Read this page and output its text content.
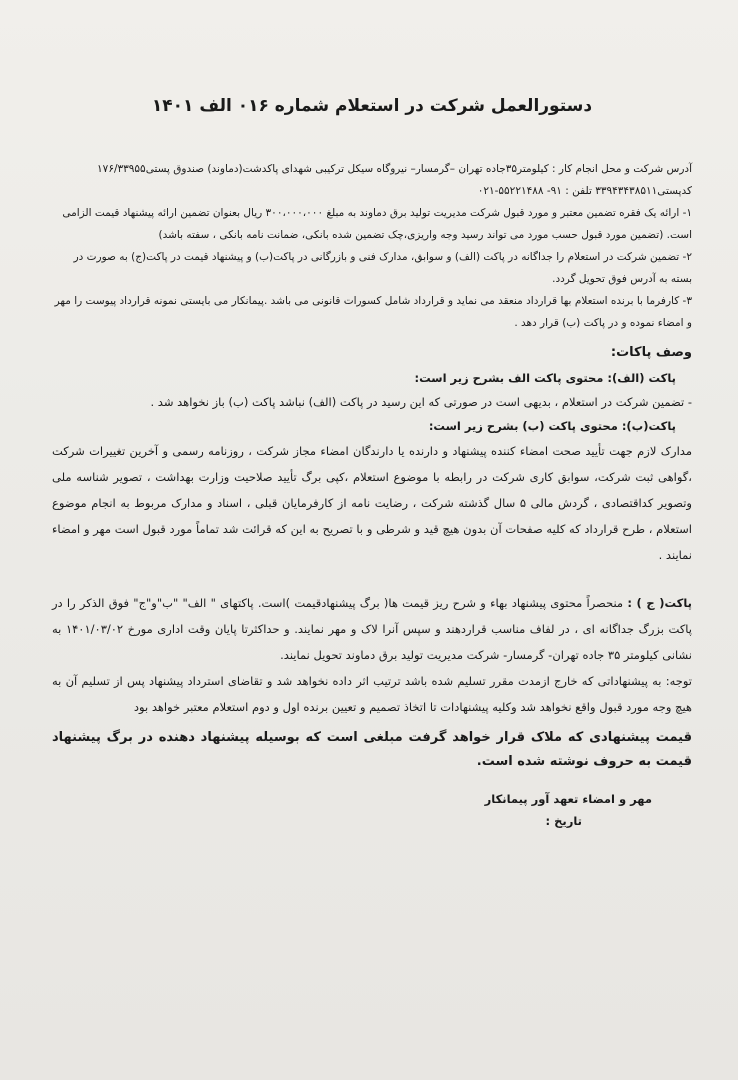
دستورالعمل شرکت در استعلام شماره ۰۱۶ الف ۱۴۰۱

آدرس شرکت و محل انجام کار : کیلومتر۳۵جاده تهران –گرمسار– نیروگاه سیکل ترکیبی شهدای پاکدشت(دماوند) صندوق پستی۱۷۶/۳۳۹۵۵

کدپستی۳۳۹۴۳۴۳۸۵۱۱ تلفن : ۹۱- ۵۵۲۲۱۴۸۸-۰۲۱

۱- ارائه یک فقره تضمین معتبر و مورد قبول شرکت مدیریت تولید برق دماوند به مبلغ ۳۰۰،۰۰۰،۰۰۰ ریال بعنوان تضمین ارائه پیشنهاد قیمت الزامی است. (تضمین مورد قبول حسب مورد می تواند رسید وجه واریزی،چک تضمین شده بانکی، ضمانت نامه بانکی ، سفته باشد)

۲- تضمین شرکت در استعلام را جداگانه در پاکت (الف) و سوابق، مدارک فنی و بازرگانی در پاکت(ب) و پیشنهاد قیمت در پاکت(ج) به صورت در بسته به آدرس فوق تحویل گردد.

۳- کارفرما با برنده استعلام بها قرارداد منعقد می نماید و قرارداد شامل کسورات قانونی می باشد .پیمانکار می بایستی نمونه قرارداد پیوست را مهر و امضاء نموده و در پاکت (ب) قرار دهد .

وصف پاکات:
پاکت (الف): محتوی پاکت الف بشرح زیر است:
- تضمین شرکت در استعلام ، بدیهی است در صورتی که این رسید در پاکت (الف) نباشد پاکت (ب) باز نخواهد شد .
پاکت(ب): محتوی پاکت (ب) بشرح زیر است:
مدارک لازم جهت تأیید صحت امضاء کننده پیشنهاد و دارنده یا دارندگان امضاء مجاز شرکت ، روزنامه رسمی و آخرین تغییرات شرکت ،گواهی ثبت شرکت، سوابق کاری شرکت در رابطه با موضوع استعلام ،کپی برگ تأیید صلاحیت وزارت بهداشت ، تصویر شناسه ملی وتصویر کداقتصادی ، گردش مالی ۵ سال گذشته شرکت ، رضایت نامه از کارفرمایان قبلی ، اسناد و مدارک مربوط به انجام موضوع استعلام ، طرح قرارداد که کلیه صفحات آن بدون هیچ قید و شرطی و با تصریح به این که قرائت شد تماماً مورد قبول است مهر و امضاء نمایند .
پاکت( ج ) : منحصراً محتوی پیشنهاد بهاء و شرح ریز قیمت ها( برگ پیشنهادقیمت )است. پاکتهای " الف" "ب"و"ج" فوق الذکر را در پاکت بزرگ جداگانه ای ، در لفاف مناسب قراردهند و سپس آنرا لاک و مهر نمایند. و حداکثرتا پایان وقت اداری مورخ ۱۴۰۱/۰۳/۰۲ به نشانی کیلومتر ۳۵ جاده تهران- گرمسار- شرکت مدیریت تولید برق دماوند تحویل نمایند.
توجه: به پیشنهاداتی که خارج ازمدت مقرر تسلیم شده باشد ترتیب اثر داده نخواهد شد و تقاضای استرداد پیشنهاد پس از تسلیم آن به هیچ وجه مورد قبول واقع نخواهد شد وکلیه پیشنهادات تا اتخاذ تصمیم و تعیین برنده اول و دوم استعلام معتبر خواهد بود
قیمت پیشنهادی که ملاک قرار خواهد گرفت مبلغی است که بوسیله پیشنهاد دهنده در برگ پیشنهاد قیمت به حروف نوشته شده است.
مهر و امضاء تعهد آور پیمانکار
تاریخ :
